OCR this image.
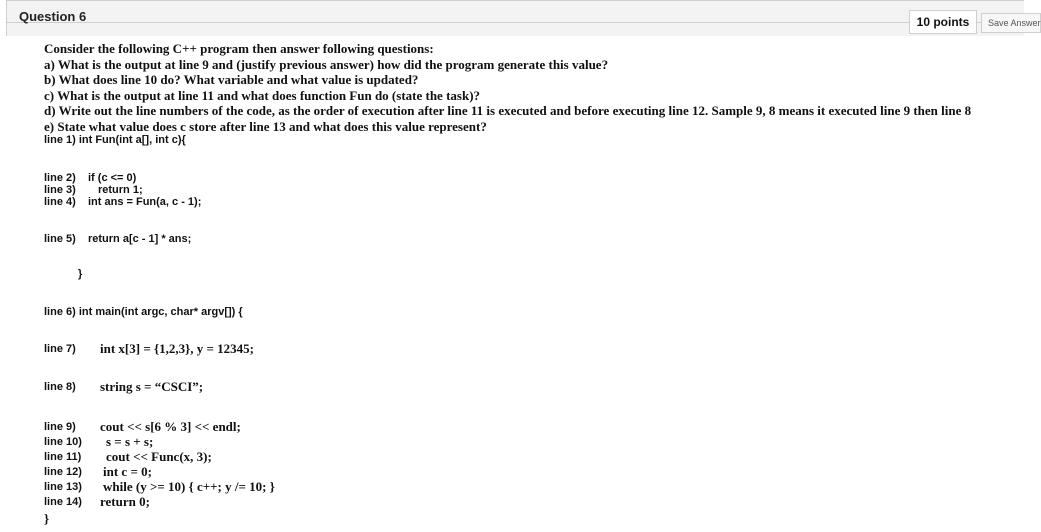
Question 6	10 points	Save Answer
Consider the following C++ program then answer following questions:
a) What is the output at line 9 and (justify previous answer) how did the program generate this value?
b) What does line 10 do? What variable and what value is updated?
c) What is the output at line 11 and what does function Fun do (state the task)?
d) Write out the line numbers of the code, as the order of execution after line 11 is executed and before executing line 12. Sample 9, 8 means it executed line 9 then line 8
e) State what value does c store after line 13 and what does this value represent?
line 1) int Fun(int a[], int c){
line 2) if (c <= 0)
line 3) return 1;
line 4) int ans = Fun(a, c - 1);
line 5) return a[c - 1] * ans;
}
line 6) int main(int argc, char* argv[]) {
line 7) int x[3] = {1,2,3}, y = 12345;
line 8) string s = “CSCI”;
line 9) cout << s[6 % 3] << endl;
line 10) s = s + s;
line 11) cout << Func(x, 3);
line 12) int c = 0;
line 13) while (y >= 10) { c++; y /= 10; }
line 14) return 0;
}
